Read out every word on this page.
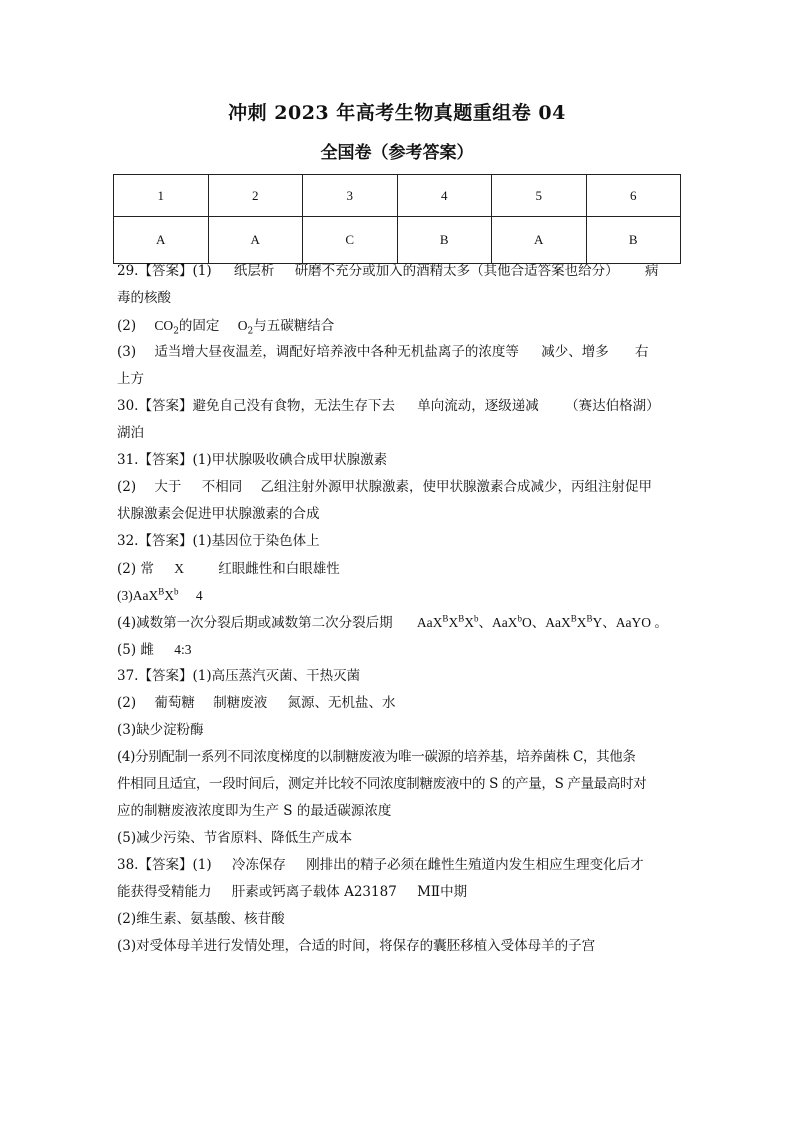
冲刺 2023 年高考生物真题重组卷 04
全国卷（参考答案）
1	2	3	4	5	6
A	A	C	B	A	B
29.【答案】(1) 纸层析 研磨不充分或加入的酒精太多（其他合适答案也给分） 病
毒的核酸
(2) $CO_2$的固定 $O_2$与五碳糖结合
(3) 适当增大昼夜温差，调配好培养液中各种无机盐离子的浓度等 减少、增多 右
上方
30.【答案】避免自己没有食物，无法生存下去 单向流动，逐级递减 （赛达伯格湖）
湖泊
31.【答案】(1)甲状腺吸收碘合成甲状腺激素
(2) 大于 不相同 乙组注射外源甲状腺激素，使甲状腺激素合成减少，丙组注射促甲
状腺激素会促进甲状腺激素的合成
32.【答案】(1)基因位于染色体上
(2) 常 X	红眼雌性和白眼雄性
$(3)AaX^BX^b$ 4
(4)减数第一次分裂后期或减数第二次分裂后期 $AaX^BX^BX^b$、AaX$^b$O、$AaX^BX^BY$、AaYO 。
(5) 雌 4:3
37.【答案】(1)高压蒸汽灭菌、干热灭菌
(2) 葡萄糖 制糖废液 氮源、无机盐、水
(3)缺少淀粉酶
(4)分别配制一系列不同浓度梯度的以制糖废液为唯一碳源的培养基，培养菌株 C，其他条
件相同且适宜，一段时间后，测定并比较不同浓度制糖废液中的 S 的产量，S 产量最高时对
应的制糖废液浓度即为生产 S 的最适碳源浓度
(5)减少污染、节省原料、降低生产成本
38.【答案】(1) 冷冻保存 刚排出的精子必须在雌性生殖道内发生相应生理变化后才
能获得受精能力 肝素或钙离子载体 A23187 MⅡ中期
(2)维生素、氨基酸、核苷酸
(3)对受体母羊进行发情处理，合适的时间，将保存的囊胚移植入受体母羊的子宫
